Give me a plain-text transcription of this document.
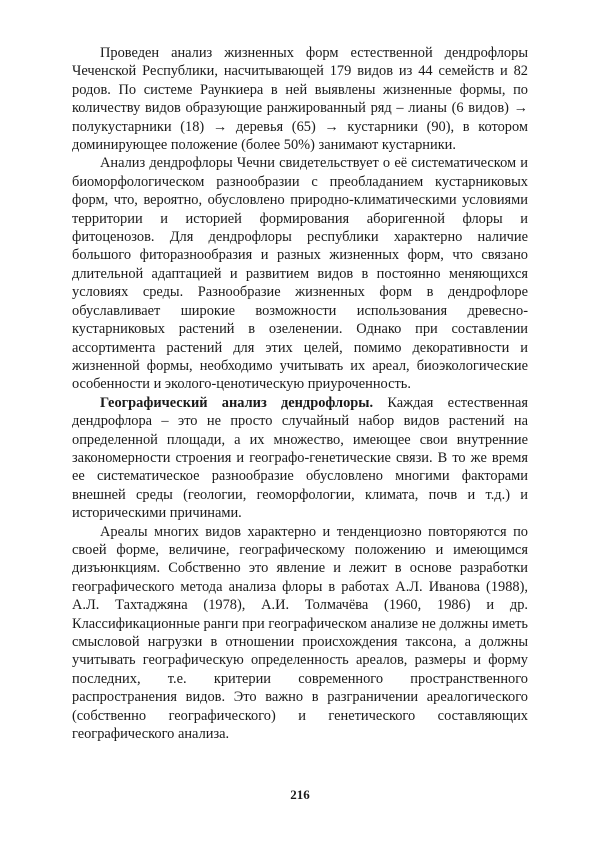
Проведен анализ жизненных форм естественной дендрофлоры Чеченской Республики, насчитывающей 179 видов из 44 семейств и 82 родов. По системе Раункиера в ней выявлены жизненные формы, по количеству видов образующие ранжированный ряд – лианы (6 видов) → полукустарники (18) → деревья (65) → кустарники (90), в котором доминирующее положение (более 50%) занимают кустарники.

Анализ дендрофлоры Чечни свидетельствует о её систематическом и биоморфологическом разнообразии с преобладанием кустарниковых форм, что, вероятно, обусловлено природно-климатическими условиями территории и историей формирования аборигенной флоры и фитоценозов. Для дендрофлоры республики характерно наличие большого фиторазнообразия и разных жизненных форм, что связано длительной адаптацией и развитием видов в постоянно меняющихся условиях среды. Разнообразие жизненных форм в дендрофлоре обуславливает широкие возможности использования древесно-кустарниковых растений в озеленении. Однако при составлении ассортимента растений для этих целей, помимо декоративности и жизненной формы, необходимо учитывать их ареал, биоэкологические особенности и эколого-ценотическую приуроченность.

Географический анализ дендрофлоры. Каждая естественная дендрофлора – это не просто случайный набор видов растений на определенной площади, а их множество, имеющее свои внутренние закономерности строения и географо-генетические связи. В то же время ее систематическое разнообразие обусловлено многими факторами внешней среды (геологии, геоморфологии, климата, почв и т.д.) и историческими причинами.

Ареалы многих видов характерно и тенденциозно повторяются по своей форме, величине, географическому положению и имеющимся дизъюнкциям. Собственно это явление и лежит в основе разработки географического метода анализа флоры в работах А.Л. Иванова (1988), А.Л. Тахтаджяна (1978), А.И. Толмачёва (1960, 1986) и др. Классификационные ранги при географическом анализе не должны иметь смысловой нагрузки в отношении происхождения таксона, а должны учитывать географическую определенность ареалов, размеры и форму последних, т.е. критерии современного пространственного распространения видов. Это важно в разграничении ареалогического (собственно географического) и генетического составляющих географического анализа.

216
